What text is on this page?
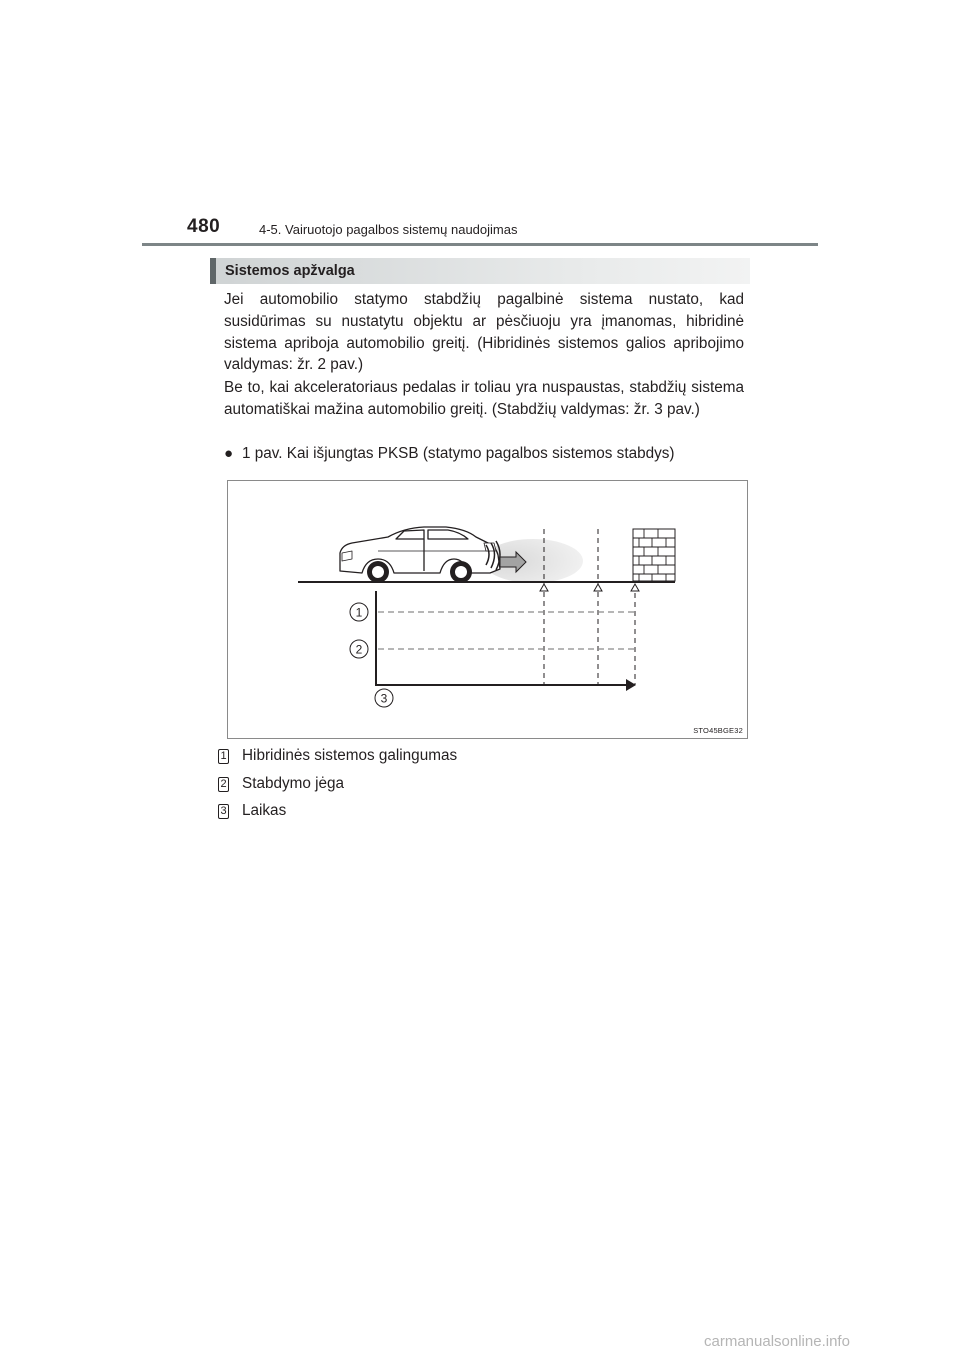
480	4-5. Vairuotojo pagalbos sistemų naudojimas
Sistemos apžvalga
Jei automobilio statymo stabdžių pagalbinė sistema nustato, kad susidūrimas su nustatytu objektu ar pėsčiuoju yra įmanomas, hibridinė sistema apriboja automobilio greitį. (Hibridinės sistemos galios apribojimo valdymas: žr. 2 pav.)
Be to, kai akceleratoriaus pedalas ir toliau yra nuspaustas, stabdžių sistema automatiškai mažina automobilio greitį. (Stabdžių valdymas: žr. 3 pav.)
● 1 pav. Kai išjungtas PKSB (statymo pagalbos sistemos stabdys)
1
2
3
STO45BGE32
1 Hibridinės sistemos galingumas
2 Stabdymo jėga
3 Laikas
carmanualsonline.info
